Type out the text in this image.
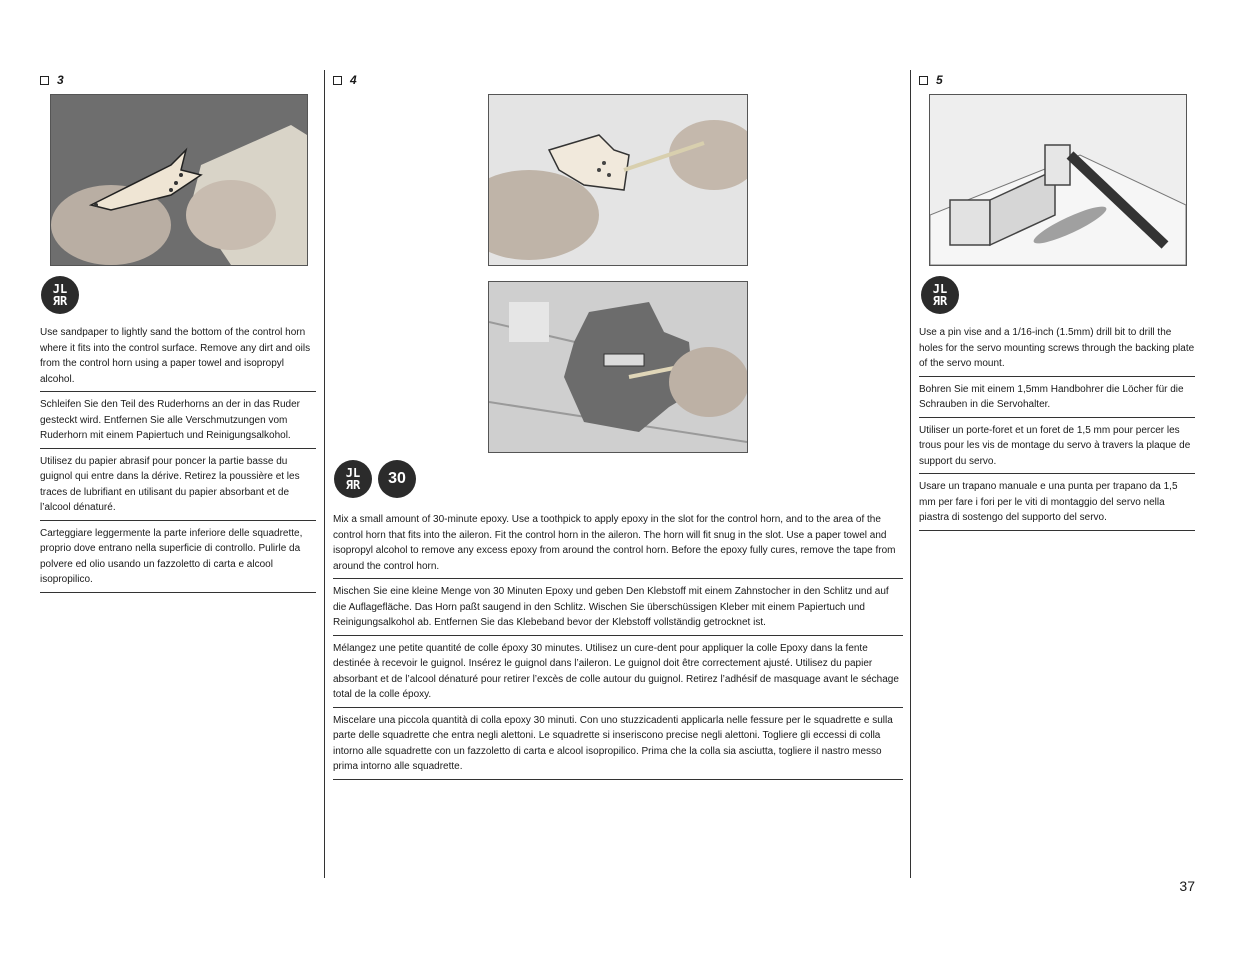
3
JL
ЯR
Use sandpaper to lightly sand the bottom of the control horn where it fits into the control surface. Remove any dirt and oils from the control horn using a paper towel and isopropyl alcohol.
Schleifen Sie den Teil des Ruderhorns an der in das Ruder gesteckt wird. Entfernen Sie alle Verschmutzungen vom Ruderhorn mit einem Papiertuch und Reinigungsalkohol.
Utilisez du papier abrasif pour poncer la partie basse du guignol qui entre dans la dérive. Retirez la poussière et les traces de lubrifiant en utilisant du papier absorbant et de l’alcool dénaturé.
Carteggiare leggermente la parte inferiore delle squadrette, proprio dove entrano nella superficie di controllo. Pulirle da polvere ed olio usando un fazzoletto di carta e alcool isopropilico.
4
JL
ЯR	30
Mix a small amount of 30-minute epoxy. Use a toothpick to apply epoxy in the slot for the control horn, and to the area of the control horn that fits into the aileron. Fit the control horn in the aileron. The horn will fit snug in the slot. Use a paper towel and isopropyl alcohol to remove any excess epoxy from around the control horn. Before the epoxy fully cures, remove the tape from around the control horn.
Mischen Sie eine kleine Menge von 30 Minuten Epoxy und geben Den Klebstoff mit einem Zahnstocher in den Schlitz und auf die Auflagefläche. Das Horn paßt saugend in den Schlitz. Wischen Sie überschüssigen Kleber mit einem Papiertuch und Reinigungsalkohol ab. Entfernen Sie das Klebeband bevor der Klebstoff vollständig getrocknet ist.
Mélangez une petite quantité de colle époxy 30 minutes. Utilisez un cure-dent pour appliquer la colle Epoxy dans la fente destinée à recevoir le guignol. Insérez le guignol dans l’aileron. Le guignol doit être correctement ajusté. Utilisez du papier absorbant et de l’alcool dénaturé pour retirer l’excès de colle autour du guignol. Retirez l’adhésif de masquage avant le séchage total de la colle époxy.
Miscelare una piccola quantità di colla epoxy 30 minuti. Con uno stuzzicadenti applicarla nelle fessure per le squadrette e sulla parte delle squadrette che entra negli alettoni. Le squadrette si inseriscono precise negli alettoni. Togliere gli eccessi di colla intorno alle squadrette con un fazzoletto di carta e alcool isopropilico. Prima che la colla sia asciutta, togliere il nastro messo prima intorno alle squadrette.
5
JL
ЯR
Use a pin vise and a 1/16-inch (1.5mm) drill bit to drill the holes for the servo mounting screws through the backing plate of the servo mount.
Bohren Sie mit einem 1,5mm Handbohrer die Löcher für die Schrauben in die Servohalter.
Utiliser un porte-foret et un foret de 1,5 mm pour percer les trous pour les vis de montage du servo à travers la plaque de support du servo.
Usare un trapano manuale e una punta per trapano da 1,5 mm per fare i fori per le viti di montaggio del servo nella piastra di sostengo del supporto del servo.
37
